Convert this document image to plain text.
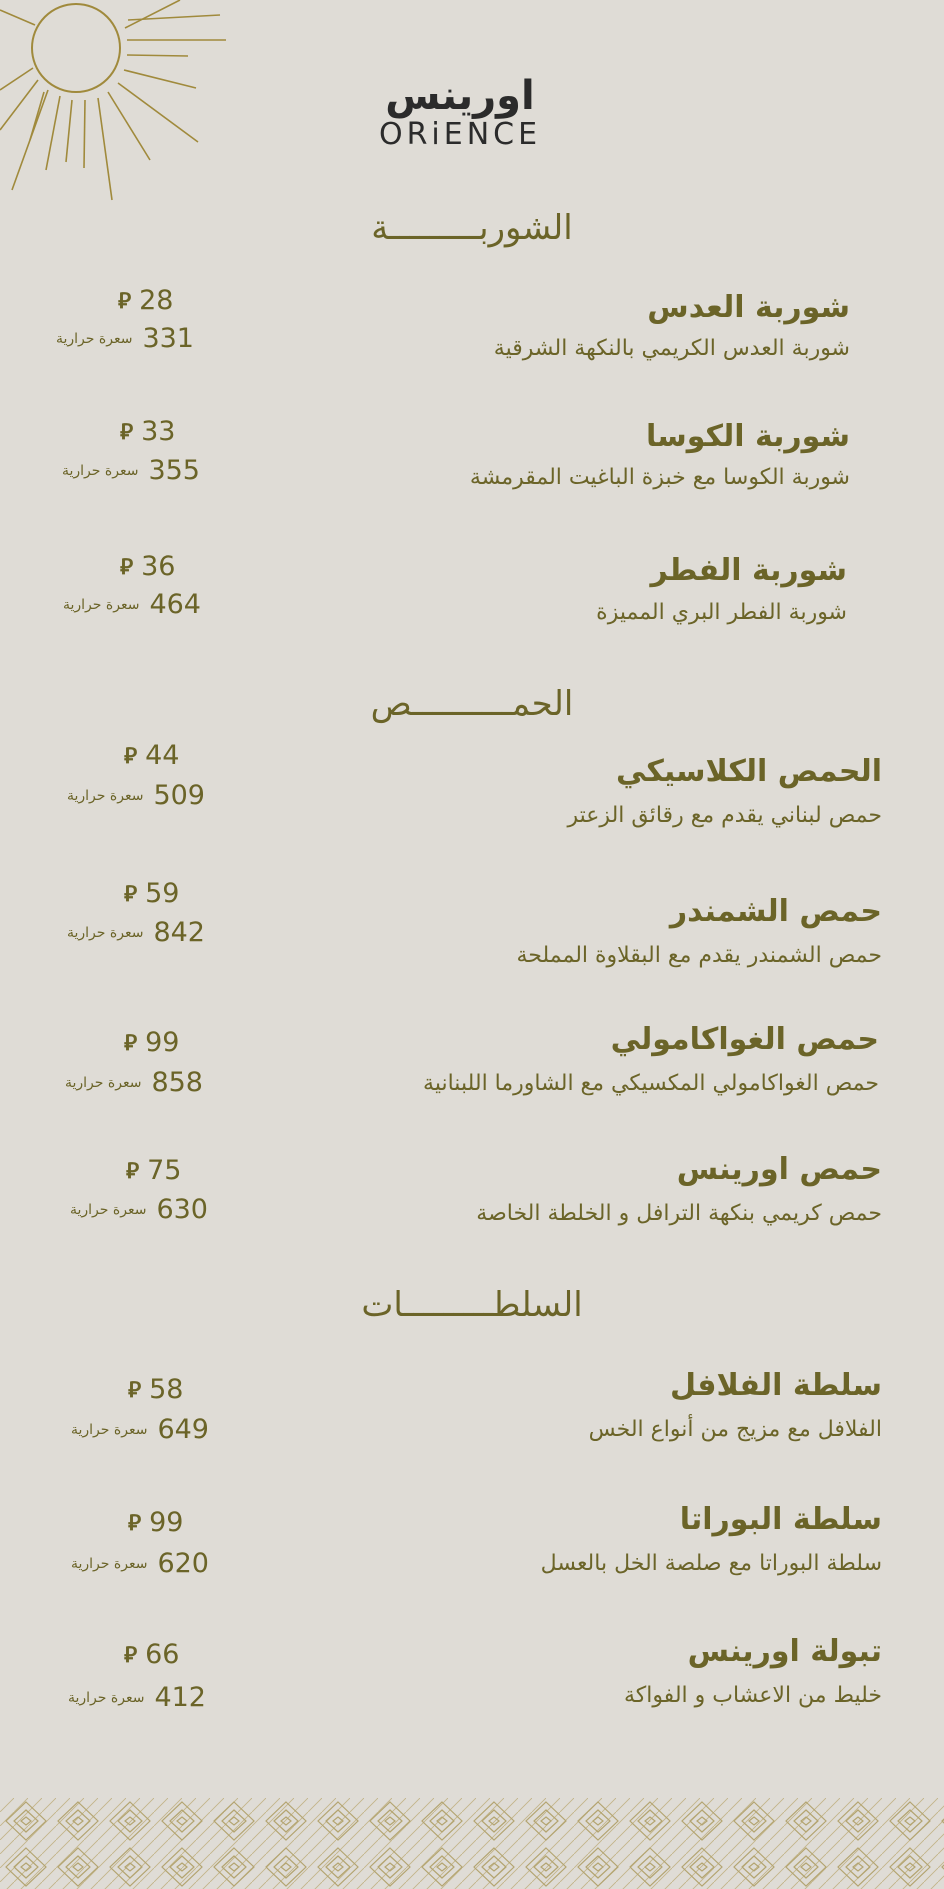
اورينس
ORiENCE
الشوربـــــــــة
شوربة العدس
شوربة العدس الكريمي بالنكهة الشرقية
⃁ 28
سعرة حرارية 331
شوربة الكوسا
شوربة الكوسا مع خبزة الباغيت المقرمشة
⃁ 33
سعرة حرارية 355
شوربة الفطر
شوربة الفطر البري المميزة
⃁ 36
سعرة حرارية 464
الحمــــــــــص
الحمص الكلاسيكي
حمص لبناني يقدم مع رقائق الزعتر
⃁ 44
سعرة حرارية 509
حمص الشمندر
حمص الشمندر يقدم مع البقلاوة المملحة
⃁ 59
سعرة حرارية 842
حمص الغواكامولي
حمص الغواكامولي المكسيكي مع الشاورما اللبنانية
⃁ 99
سعرة حرارية 858
حمص اورينس
حمص كريمي بنكهة الترافل و الخلطة الخاصة
⃁ 75
سعرة حرارية 630
السلطـــــــــات
سلطة الفلافل
الفلافل مع مزيج من أنواع الخس
⃁ 58
سعرة حرارية 649
سلطة البوراتا
سلطة البوراتا مع صلصة الخل بالعسل
⃁ 99
سعرة حرارية 620
تبولة اورينس
خليط من الاعشاب و الفواكة
⃁ 66
سعرة حرارية 412
